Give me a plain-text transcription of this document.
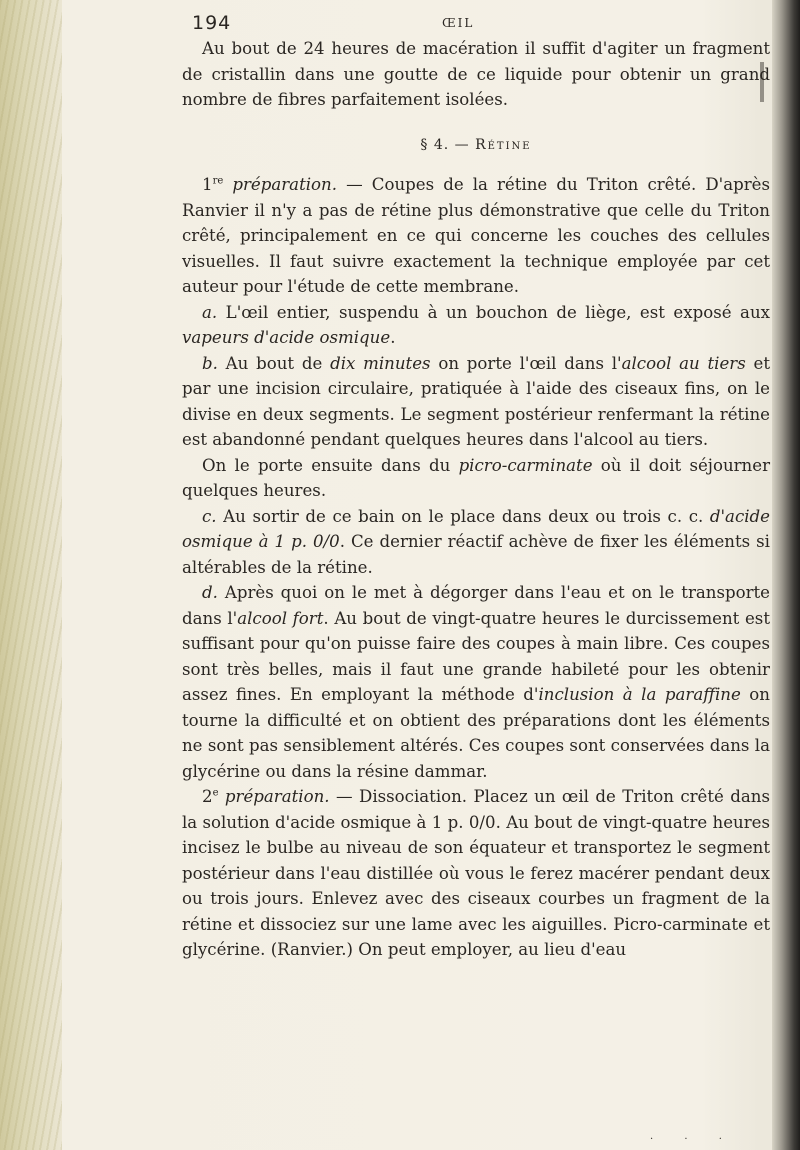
194	ŒIL

Au bout de 24 heures de macération il suffit d'agiter un fragment de cristallin dans une goutte de ce liquide pour obtenir un grand nombre de fibres parfaitement isolées.

§ 4. — Rétine

1re préparation. — Coupes de la rétine du Triton crêté. D'après Ranvier il n'y a pas de rétine plus démonstrative que celle du Triton crêté, principalement en ce qui concerne les couches des cellules visuelles. Il faut suivre exactement la technique employée par cet auteur pour l'étude de cette membrane.

a. L'œil entier, suspendu à un bouchon de liège, est exposé aux vapeurs d'acide osmique.

b. Au bout de dix minutes on porte l'œil dans l'alcool au tiers et par une incision circulaire, pratiquée à l'aide des ciseaux fins, on le divise en deux segments. Le segment postérieur renfermant la rétine est abandonné pendant quelques heures dans l'alcool au tiers.

On le porte ensuite dans du picro-carminate où il doit séjourner quelques heures.

c. Au sortir de ce bain on le place dans deux ou trois c. c. d'acide osmique à 1 p. 0/0. Ce dernier réactif achève de fixer les éléments si altérables de la rétine.

d. Après quoi on le met à dégorger dans l'eau et on le transporte dans l'alcool fort. Au bout de vingt-quatre heures le durcissement est suffisant pour qu'on puisse faire des coupes à main libre. Ces coupes sont très belles, mais il faut une grande habileté pour les obtenir assez fines. En employant la méthode d'inclusion à la paraffine on tourne la difficulté et on obtient des préparations dont les éléments ne sont pas sensiblement altérés. Ces coupes sont conservées dans la glycérine ou dans la résine dammar.

2e préparation. — Dissociation. Placez un œil de Triton crêté dans la solution d'acide osmique à 1 p. 0/0. Au bout de vingt-quatre heures incisez le bulbe au niveau de son équateur et transportez le segment postérieur dans l'eau distillée où vous le ferez macérer pendant deux ou trois jours. Enlevez avec des ciseaux courbes un fragment de la rétine et dissociez sur une lame avec les aiguilles. Picro-carminate et glycérine. (Ranvier.) On peut employer, au lieu d'eau

· · ·
